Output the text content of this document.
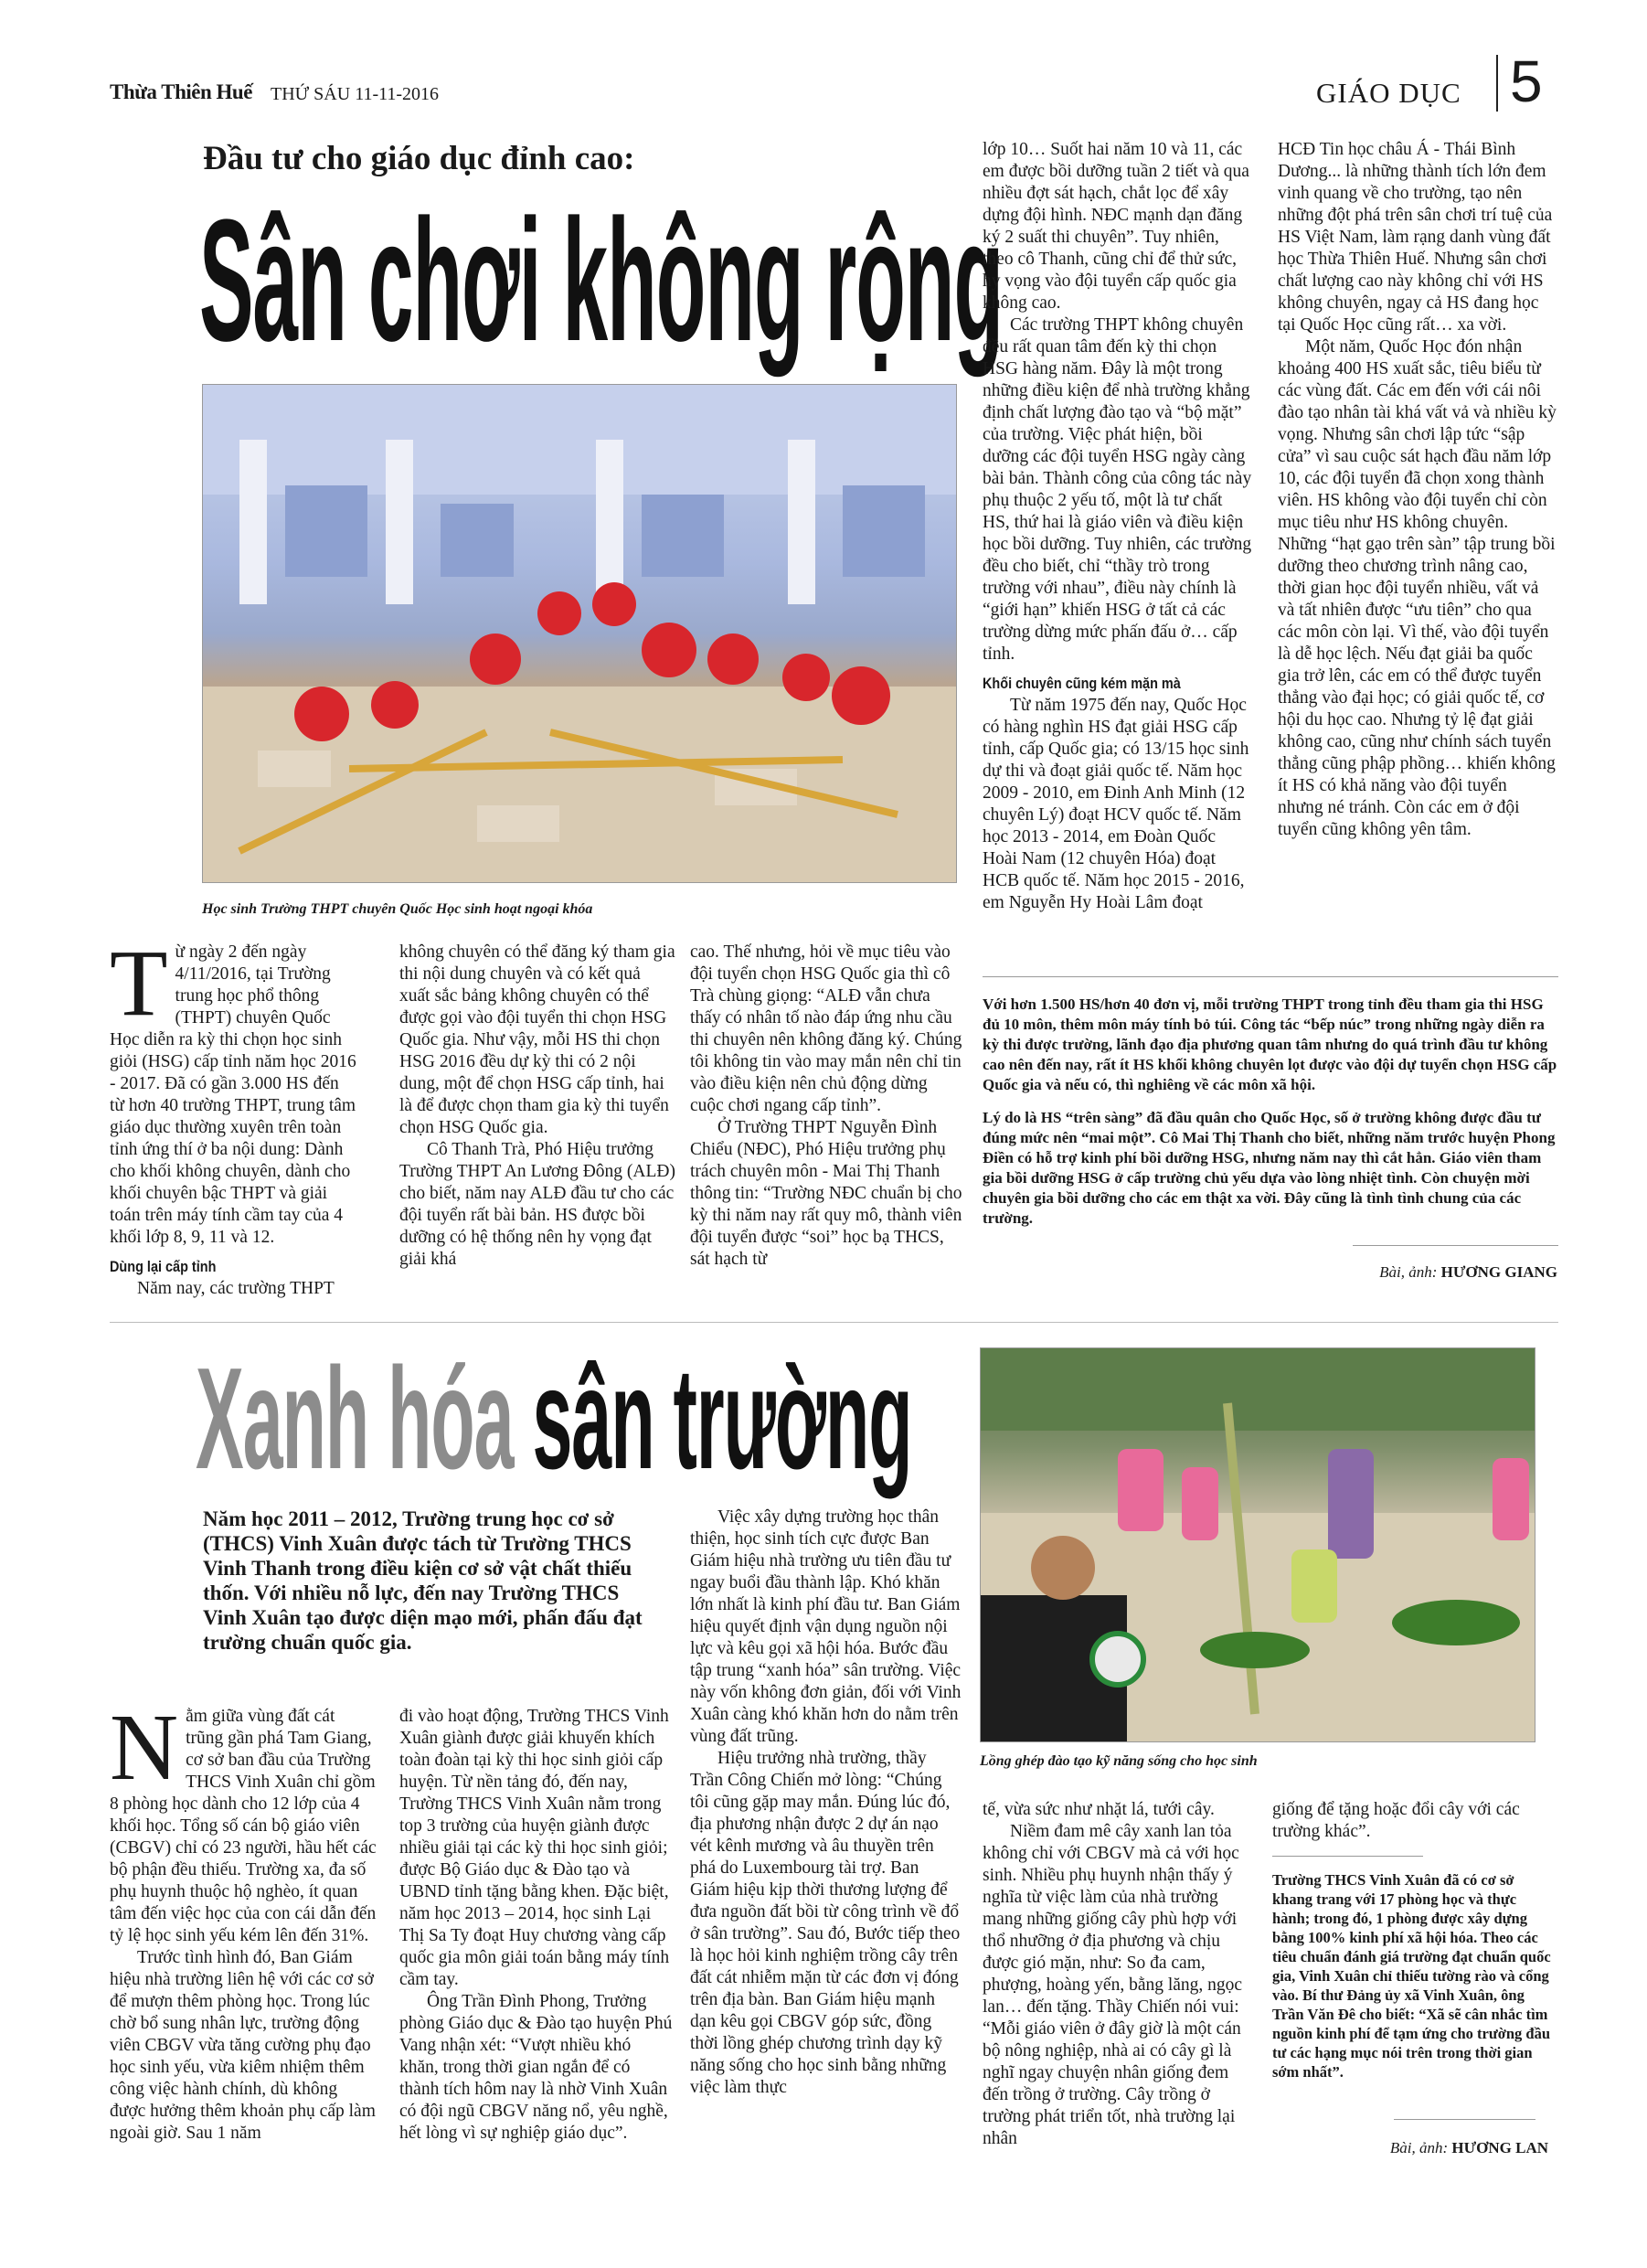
Thừa Thiên Huế THỨ SÁU 11-11-2016	GIÁO DỤC 5
Đầu tư cho giáo dục đỉnh cao:
Sân chơi không rộng
Học sinh Trường THPT chuyên Quốc Học sinh hoạt ngoại khóa

Từ ngày 2 đến ngày 4/11/2016, tại Trường trung học phổ thông (THPT) chuyên Quốc Học diễn ra kỳ thi chọn học sinh giỏi (HSG) cấp tỉnh năm học 2016 - 2017. Đã có gần 3.000 HS đến từ hơn 40 trường THPT, trung tâm giáo dục thường xuyên trên toàn tỉnh ứng thí ở ba nội dung: Dành cho khối không chuyên, dành cho khối chuyên bậc THPT và giải toán trên máy tính cầm tay của 4 khối lớp 8, 9, 11 và 12.

Dùng lại cấp tỉnh

Năm nay, các trường THPT

không chuyên có thể đăng ký tham gia thi nội dung chuyên và có kết quả xuất sắc bảng không chuyên có thể được gọi vào đội tuyển thi chọn HSG Quốc gia. Như vậy, mỗi HS thi chọn HSG 2016 đều dự kỳ thi có 2 nội dung, một để chọn HSG cấp tỉnh, hai là để được chọn tham gia kỳ thi tuyển chọn HSG Quốc gia.

Cô Thanh Trà, Phó Hiệu trưởng Trường THPT An Lương Đông (ALĐ) cho biết, năm nay ALĐ đầu tư cho các đội tuyển rất bài bản. HS được bồi dưỡng có hệ thống nên hy vọng đạt giải khá

cao. Thế nhưng, hỏi về mục tiêu vào đội tuyển chọn HSG Quốc gia thì cô Trà chùng giọng: “ALĐ vẫn chưa thấy có nhân tố nào đáp ứng nhu cầu thi chuyên nên không đăng ký. Chúng tôi không tin vào may mắn nên chỉ tin vào điều kiện nên chủ động dừng cuộc chơi ngang cấp tỉnh”.

Ở Trường THPT Nguyễn Đình Chiểu (NĐC), Phó Hiệu trưởng phụ trách chuyên môn - Mai Thị Thanh thông tin: “Trường NĐC chuẩn bị cho kỳ thi năm nay rất quy mô, thành viên đội tuyển được “soi” học bạ THCS, sát hạch từ

lớp 10… Suốt hai năm 10 và 11, các em được bồi dưỡng tuần 2 tiết và qua nhiều đợt sát hạch, chắt lọc để xây dựng đội hình. NĐC mạnh dạn đăng ký 2 suất thi chuyên”. Tuy nhiên, theo cô Thanh, cũng chỉ để thử sức, hy vọng vào đội tuyển cấp quốc gia không cao.

Các trường THPT không chuyên đều rất quan tâm đến kỳ thi chọn HSG hàng năm. Đây là một trong những điều kiện để nhà trường khẳng định chất lượng đào tạo và “bộ mặt” của trường. Việc phát hiện, bồi dưỡng các đội tuyển HSG ngày càng bài bản. Thành công của công tác này phụ thuộc 2 yếu tố, một là tư chất HS, thứ hai là giáo viên và điều kiện học bồi dưỡng. Tuy nhiên, các trường đều cho biết, chỉ “thầy trò trong trường với nhau”, điều này chính là “giới hạn” khiến HSG ở tất cả các trường dừng mức phấn đấu ở… cấp tỉnh.

Khối chuyên cũng kém mặn mà

Từ năm 1975 đến nay, Quốc Học có hàng nghìn HS đạt giải HSG cấp tỉnh, cấp Quốc gia; có 13/15 học sinh dự thi và đoạt giải quốc tế. Năm học 2009 - 2010, em Đinh Anh Minh (12 chuyên Lý) đoạt HCV quốc tế. Năm học 2013 - 2014, em Đoàn Quốc Hoài Nam (12 chuyên Hóa) đoạt HCB quốc tế. Năm học 2015 - 2016, em Nguyễn Hy Hoài Lâm đoạt

HCĐ Tin học châu Á - Thái Bình Dương... là những thành tích lớn đem vinh quang về cho trường, tạo nên những đột phá trên sân chơi trí tuệ của HS Việt Nam, làm rạng danh vùng đất học Thừa Thiên Huế. Nhưng sân chơi chất lượng cao này không chỉ với HS không chuyên, ngay cả HS đang học tại Quốc Học cũng rất… xa vời.

Một năm, Quốc Học đón nhận khoảng 400 HS xuất sắc, tiêu biểu từ các vùng đất. Các em đến với cái nôi đào tạo nhân tài khá vất vả và nhiều kỳ vọng. Nhưng sân chơi lập tức “sập cửa” vì sau cuộc sát hạch đầu năm lớp 10, các đội tuyển đã chọn xong thành viên. HS không vào đội tuyển chỉ còn mục tiêu như HS không chuyên. Những “hạt gạo trên sàn” tập trung bồi dưỡng theo chương trình nâng cao, thời gian học đội tuyển nhiều, vất vả và tất nhiên được “ưu tiên” cho qua các môn còn lại. Vì thế, vào đội tuyển là dễ học lệch. Nếu đạt giải ba quốc gia trở lên, các em có thể được tuyển thẳng vào đại học; có giải quốc tế, cơ hội du học cao. Nhưng tỷ lệ đạt giải không cao, cũng như chính sách tuyển thẳng cũng phập phồng… khiến không ít HS có khả năng vào đội tuyển nhưng né tránh. Còn các em ở đội tuyển cũng không yên tâm.

Với hơn 1.500 HS/hơn 40 đơn vị, mỗi trường THPT trong tỉnh đều tham gia thi HSG đủ 10 môn, thêm môn máy tính bỏ túi. Công tác “bếp núc” trong những ngày diễn ra kỳ thi được trường, lãnh đạo địa phương quan tâm nhưng do quá trình đầu tư không cao nên đến nay, rất ít HS khối không chuyên lọt được vào đội dự tuyển chọn HSG cấp Quốc gia và nếu có, thì nghiêng về các môn xã hội.

Lý do là HS “trên sàng” đã đầu quân cho Quốc Học, số ở trường không được đầu tư đúng mức nên “mai một”. Cô Mai Thị Thanh cho biết, những năm trước huyện Phong Điền có hỗ trợ kinh phí bồi dưỡng HSG, nhưng năm nay thì cắt hẳn. Giáo viên tham gia bồi dưỡng HSG ở cấp trường chủ yếu dựa vào lòng nhiệt tình. Còn chuyện mời chuyên gia bồi dưỡng cho các em thật xa vời. Đây cũng là tình tình chung của các trường.

Bài, ảnh: HƯƠNG GIANG
Xanh hóa sân trường
Năm học 2011 – 2012, Trường trung học cơ sở (THCS) Vinh Xuân được tách từ Trường THCS Vinh Thanh trong điều kiện cơ sở vật chất thiếu thốn. Với nhiều nỗ lực, đến nay Trường THCS Vinh Xuân tạo được diện mạo mới, phấn đấu đạt trường chuẩn quốc gia.
Lồng ghép đào tạo kỹ năng sống cho học sinh

Nằm giữa vùng đất cát trũng gần phá Tam Giang, cơ sở ban đầu của Trường THCS Vinh Xuân chỉ gồm 8 phòng học dành cho 12 lớp của 4 khối học. Tổng số cán bộ giáo viên (CBGV) chỉ có 23 người, hầu hết các bộ phận đều thiếu. Trường xa, đa số phụ huynh thuộc hộ nghèo, ít quan tâm đến việc học của con cái dẫn đến tỷ lệ học sinh yếu kém lên đến 31%.

Trước tình hình đó, Ban Giám hiệu nhà trường liên hệ với các cơ sở để mượn thêm phòng học. Trong lúc chờ bổ sung nhân lực, trường động viên CBGV vừa tăng cường phụ đạo học sinh yếu, vừa kiêm nhiệm thêm công việc hành chính, dù không được hưởng thêm khoản phụ cấp làm ngoài giờ. Sau 1 năm

đi vào hoạt động, Trường THCS Vinh Xuân giành được giải khuyến khích toàn đoàn tại kỳ thi học sinh giỏi cấp huyện. Từ nền tảng đó, đến nay, Trường THCS Vinh Xuân nằm trong top 3 trường của huyện giành được nhiều giải tại các kỳ thi học sinh giỏi; được Bộ Giáo dục & Đào tạo và UBND tỉnh tặng bằng khen. Đặc biệt, năm học 2013 – 2014, học sinh Lại Thị Sa Ty đoạt Huy chương vàng cấp quốc gia môn giải toán bằng máy tính cầm tay.

Ông Trần Đình Phong, Trưởng phòng Giáo dục & Đào tạo huyện Phú Vang nhận xét: “Vượt nhiều khó khăn, trong thời gian ngắn để có thành tích hôm nay là nhờ Vinh Xuân có đội ngũ CBGV năng nổ, yêu nghề, hết lòng vì sự nghiệp giáo dục”.

Việc xây dựng trường học thân thiện, học sinh tích cực được Ban Giám hiệu nhà trường ưu tiên đầu tư ngay buổi đầu thành lập. Khó khăn lớn nhất là kinh phí đầu tư. Ban Giám hiệu quyết định vận dụng nguồn nội lực và kêu gọi xã hội hóa. Bước đầu tập trung “xanh hóa” sân trường. Việc này vốn không đơn giản, đối với Vinh Xuân càng khó khăn hơn do nằm trên vùng đất trũng.

Hiệu trưởng nhà trường, thầy Trần Công Chiến mở lòng: “Chúng tôi cũng gặp may mắn. Đúng lúc đó, địa phương nhận được 2 dự án nạo vét kênh mương và âu thuyền trên phá do Luxembourg tài trợ. Ban Giám hiệu kịp thời thương lượng để đưa nguồn đất bồi từ công trình về đổ ở sân trường”. Sau đó, Bước tiếp theo là học hỏi kinh nghiệm trồng cây trên đất cát nhiễm mặn từ các đơn vị đóng trên địa bàn. Ban Giám hiệu mạnh dạn kêu gọi CBGV góp sức, đồng thời lồng ghép chương trình dạy kỹ năng sống cho học sinh bằng những việc làm thực

tế, vừa sức như nhặt lá, tưới cây.

Niềm đam mê cây xanh lan tỏa không chỉ với CBGV mà cả với học sinh. Nhiều phụ huynh nhận thấy ý nghĩa từ việc làm của nhà trường mang những giống cây phù hợp với thổ nhưỡng ở địa phương và chịu được gió mặn, như: So đa cam, phượng, hoàng yến, bằng lăng, ngọc lan… đến tặng. Thầy Chiến nói vui: “Mỗi giáo viên ở đây giờ là một cán bộ nông nghiệp, nhà ai có cây gì là nghĩ ngay chuyện nhân giống đem đến trồng ở trường. Cây trồng ở trường phát triển tốt, nhà trường lại nhân

giống để tặng hoặc đổi cây với các trường khác”.

Trường THCS Vinh Xuân đã có cơ sở khang trang với 17 phòng học và thực hành; trong đó, 1 phòng được xây dựng bằng 100% kinh phí xã hội hóa. Theo các tiêu chuẩn đánh giá trường đạt chuẩn quốc gia, Vinh Xuân chỉ thiếu tường rào và cổng vào. Bí thư Đảng ủy xã Vinh Xuân, ông Trần Văn Đê cho biết: “Xã sẽ cân nhắc tìm nguồn kinh phí để tạm ứng cho trường đầu tư các hạng mục nói trên trong thời gian sớm nhất”.
Bài, ảnh: HƯƠNG LAN
